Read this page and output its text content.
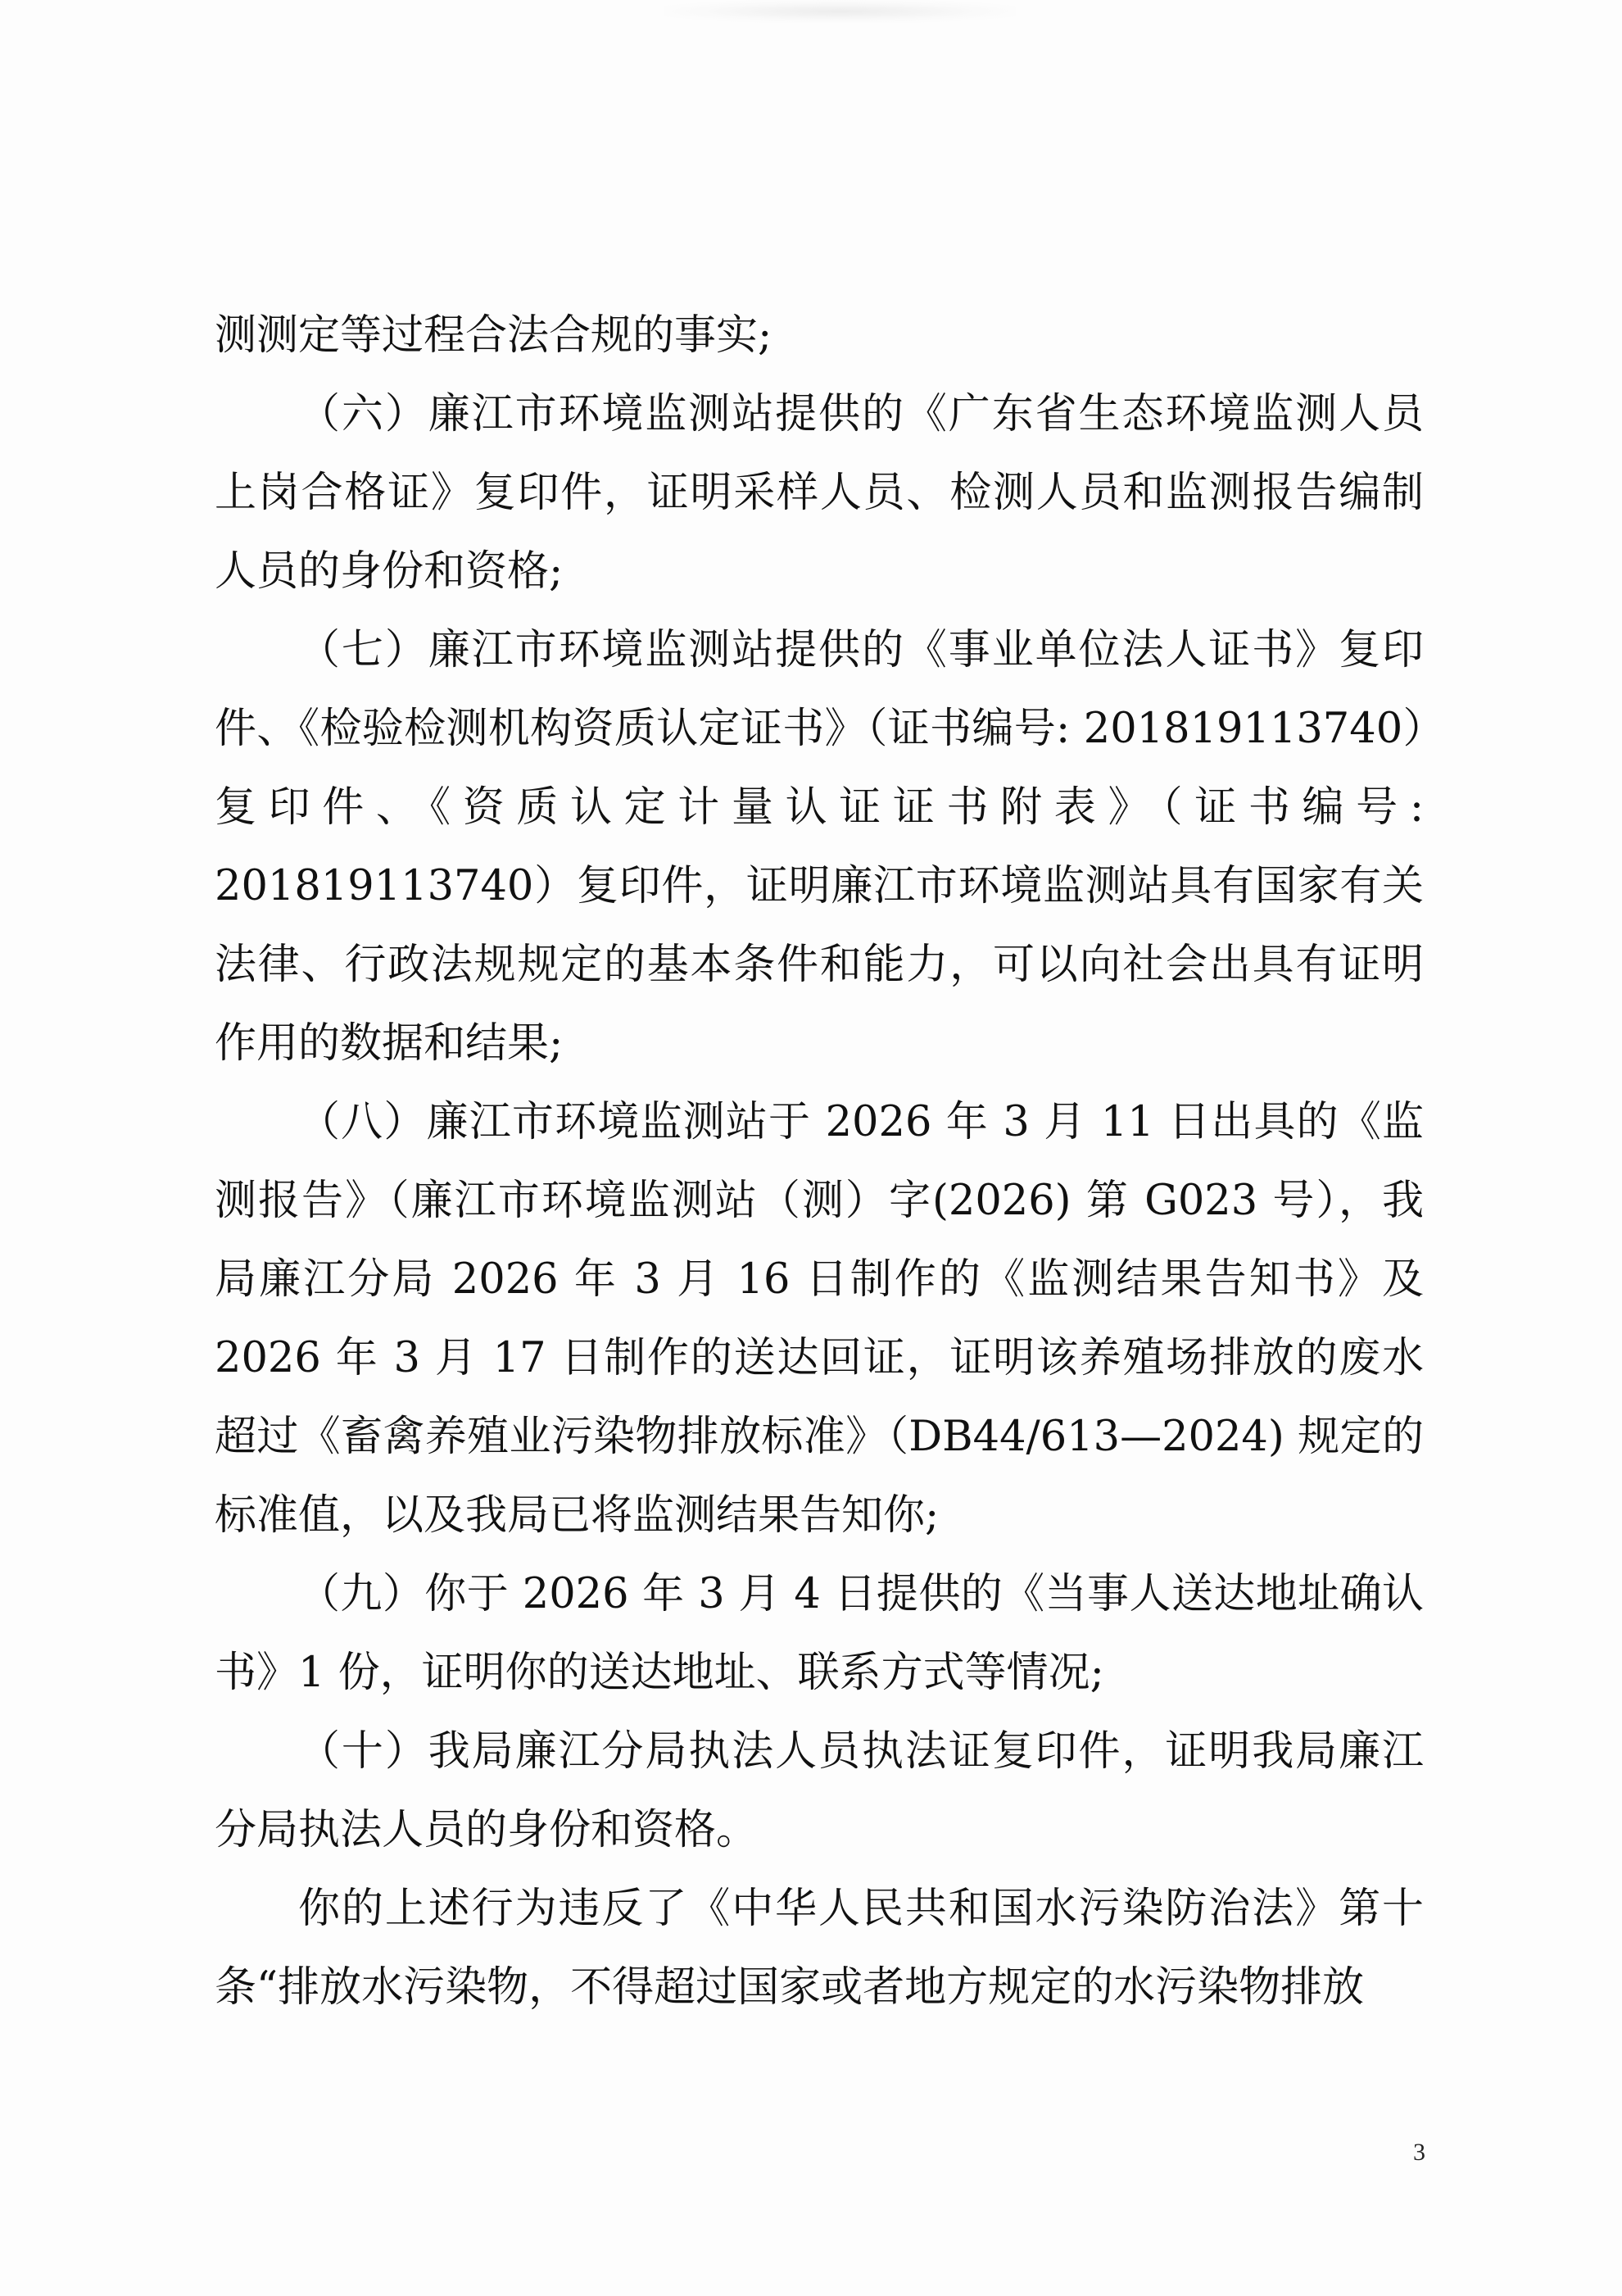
测测定等过程合法合规的事实;

（六）廉江市环境监测站提供的《广东省生态环境监测人员上岗合格证》复印件，证明采样人员、检测人员和监测报告编制人员的身份和资格;

（七）廉江市环境监测站提供的《事业单位法人证书》复印件、《检验检测机构资质认定证书》（证书编号: 201819113740）复印件、《资质认定计量认证证书附表》（证书编号: 201819113740）复印件，证明廉江市环境监测站具有国家有关法律、行政法规规定的基本条件和能力，可以向社会出具有证明作用的数据和结果;

（八）廉江市环境监测站于 2026 年 3 月 11 日出具的《监测报告》（廉江市环境监测站（测）字(2026) 第 G023 号），我局廉江分局 2026 年 3 月 16 日制作的《监测结果告知书》及 2026 年 3 月 17 日制作的送达回证，证明该养殖场排放的废水超过《畜禽养殖业污染物排放标准》（DB44/613—2024) 规定的标准值，以及我局已将监测结果告知你;

（九）你于 2026 年 3 月 4 日提供的《当事人送达地址确认书》1 份，证明你的送达地址、联系方式等情况;

（十）我局廉江分局执法人员执法证复印件，证明我局廉江分局执法人员的身份和资格。

你的上述行为违反了《中华人民共和国水污染防治法》第十条“排放水污染物，不得超过国家或者地方规定的水污染物排放

3
